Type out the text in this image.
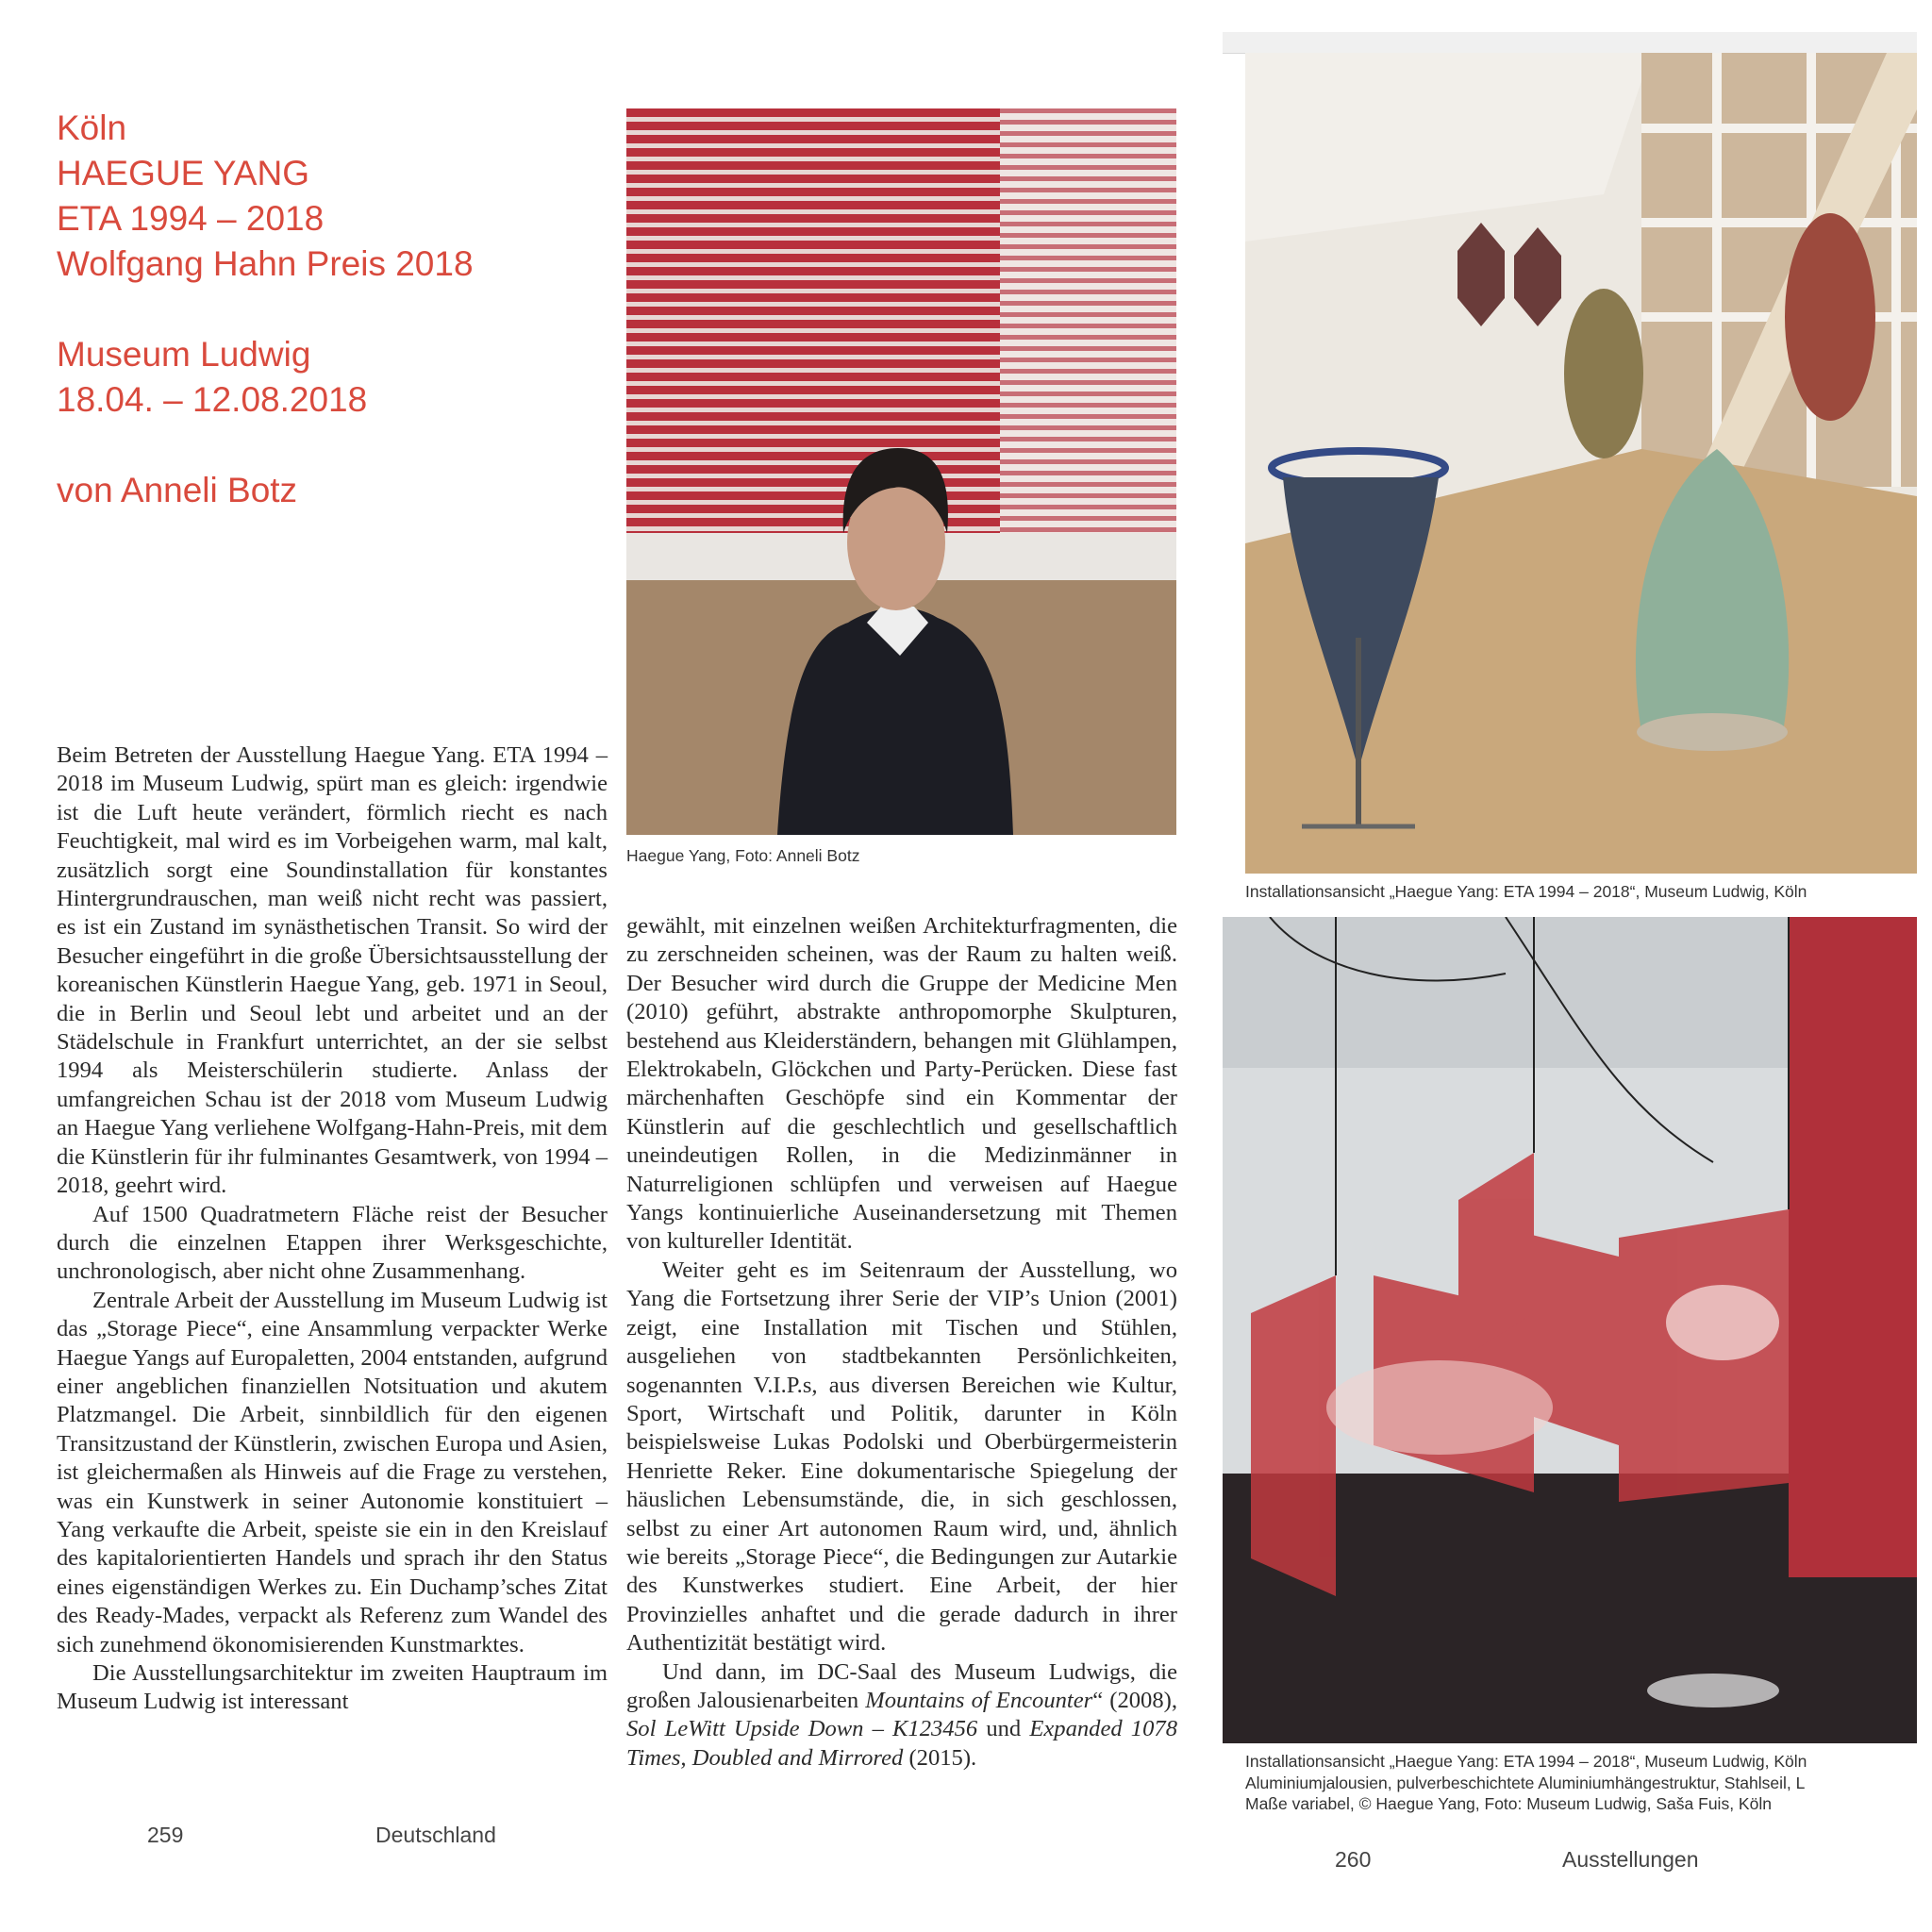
Köln
HAEGUE YANG
ETA 1994 – 2018
Wolfgang Hahn Preis 2018
Museum Ludwig
18.04. – 12.08.2018
von Anneli Botz

Beim Betreten der Ausstellung Haegue Yang. ETA 1994 – 2018 im Museum Ludwig, spürt man es gleich: irgendwie ist die Luft heute verändert, förmlich riecht es nach Feuchtigkeit, mal wird es im Vorbeigehen warm, mal kalt, zusätzlich sorgt eine Soundinstallation für konstantes Hintergrundrauschen, man weiß nicht recht was passiert, es ist ein Zustand im synästhetischen Transit. So wird der Besucher eingeführt in die große Übersichtsausstellung der koreanischen Künstlerin Haegue Yang, geb. 1971 in Seoul, die in Berlin und Seoul lebt und arbeitet und an der Städelschule in Frankfurt unterrichtet, an der sie selbst 1994 als Meisterschülerin studierte. Anlass der umfangreichen Schau ist der 2018 vom Museum Ludwig an Haegue Yang verliehene Wolfgang-Hahn-Preis, mit dem die Künstlerin für ihr fulminantes Gesamtwerk, von 1994 – 2018, geehrt wird.

Auf 1500 Quadratmetern Fläche reist der Besucher durch die einzelnen Etappen ihrer Werksgeschichte, unchronologisch, aber nicht ohne Zusammenhang.

Zentrale Arbeit der Ausstellung im Museum Ludwig ist das „Storage Piece“, eine Ansammlung verpackter Werke Haegue Yangs auf Europaletten, 2004 entstanden, aufgrund einer angeblichen finanziellen Notsituation und akutem Platzmangel. Die Arbeit, sinnbildlich für den eigenen Transitzustand der Künstlerin, zwischen Europa und Asien, ist gleichermaßen als Hinweis auf die Frage zu verstehen, was ein Kunstwerk in seiner Autonomie konstituiert – Yang verkaufte die Arbeit, speiste sie ein in den Kreislauf des kapitalorientierten Handels und sprach ihr den Status eines eigenständigen Werkes zu. Ein Duchamp’sches Zitat des Ready-Mades, verpackt als Referenz zum Wandel des sich zunehmend ökonomisierenden Kunstmarktes.

Die Ausstellungsarchitektur im zweiten Hauptraum im Museum Ludwig ist interessant

gewählt, mit einzelnen weißen Architekturfragmenten, die zu zerschneiden scheinen, was der Raum zu halten weiß. Der Besucher wird durch die Gruppe der Medicine Men (2010) geführt, abstrakte anthropomorphe Skulpturen, bestehend aus Kleiderständern, behangen mit Glühlampen, Elektrokabeln, Glöckchen und Party-Perücken. Diese fast märchenhaften Geschöpfe sind ein Kommentar der Künstlerin auf die geschlechtlich und gesellschaftlich uneindeutigen Rollen, in die Medizinmänner in Naturreligionen schlüpfen und verweisen auf Haegue Yangs kontinuierliche Auseinandersetzung mit Themen von kultureller Identität.

Weiter geht es im Seitenraum der Ausstellung, wo Yang die Fortsetzung ihrer Serie der VIP’s Union (2001) zeigt, eine Installation mit Tischen und Stühlen, ausgeliehen von stadtbekannten Persönlichkeiten, sogenannten V.I.P.s, aus diversen Bereichen wie Kultur, Sport, Wirtschaft und Politik, darunter in Köln beispielsweise Lukas Podolski und Oberbürgermeisterin Henriette Reker. Eine dokumentarische Spiegelung der häuslichen Lebensumstände, die, in sich geschlossen, selbst zu einer Art autonomen Raum wird, und, ähnlich wie bereits „Storage Piece“, die Bedingungen zur Autarkie des Kunstwerkes studiert. Eine Arbeit, der hier Provinzielles anhaftet und die gerade dadurch in ihrer Authentizität bestätigt wird.

Und dann, im DC-Saal des Museum Ludwigs, die großen Jalousienarbeiten Mountains of Encounter“ (2008), Sol LeWitt Upside Down – K123456 und Expanded 1078 Times, Doubled and Mirrored (2015).

Haegue Yang, Foto: Anneli Botz
259	Deutschland
Installationsansicht „Haegue Yang: ETA 1994 – 2018“, Museum Ludwig, Köln
Installationsansicht „Haegue Yang: ETA 1994 – 2018“, Museum Ludwig, Köln
Aluminiumjalousien, pulverbeschichtete Aluminiumhängestruktur, Stahlseil, L
Maße variabel, © Haegue Yang, Foto: Museum Ludwig, Saša Fuis, Köln
260	Ausstellungen
